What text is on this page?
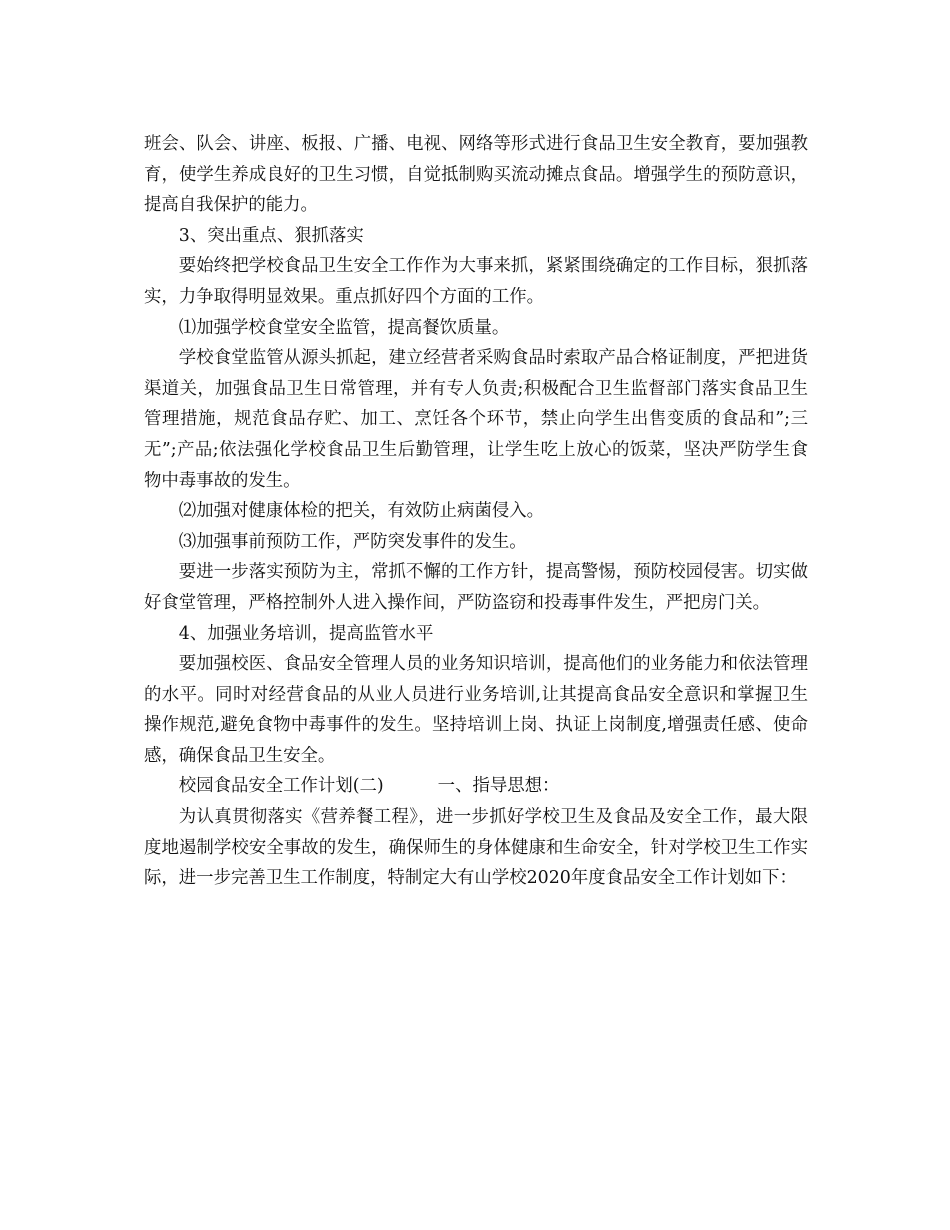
班会、队会、讲座、板报、广播、电视、网络等形式进行食品卫生安全教育，要加强教育，使学生养成良好的卫生习惯，自觉抵制购买流动摊点食品。增强学生的预防意识，提高自我保护的能力。

3、突出重点、狠抓落实

要始终把学校食品卫生安全工作作为大事来抓，紧紧围绕确定的工作目标，狠抓落实，力争取得明显效果。重点抓好四个方面的工作。

⑴加强学校食堂安全监管，提高餐饮质量。

学校食堂监管从源头抓起，建立经营者采购食品时索取产品合格证制度，严把进货渠道关，加强食品卫生日常管理，并有专人负责;积极配合卫生监督部门落实食品卫生管理措施，规范食品存贮、加工、烹饪各个环节，禁止向学生出售变质的食品和”;三无”;产品;依法强化学校食品卫生后勤管理，让学生吃上放心的饭菜，坚决严防学生食物中毒事故的发生。

⑵加强对健康体检的把关，有效防止病菌侵入。

⑶加强事前预防工作，严防突发事件的发生。

要进一步落实预防为主，常抓不懈的工作方针，提高警惕，预防校园侵害。切实做好食堂管理，严格控制外人进入操作间，严防盗窃和投毒事件发生，严把房门关。

4、加强业务培训，提高监管水平

要加强校医、食品安全管理人员的业务知识培训，提高他们的业务能力和依法管理的水平。同时对经营食品的从业人员进行业务培训,让其提高食品安全意识和掌握卫生操作规范,避免食物中毒事件的发生。坚持培训上岗、执证上岗制度,增强责任感、使命感，确保食品卫生安全。

校园食品安全工作计划(二)	一、指导思想：

为认真贯彻落实《营养餐工程》，进一步抓好学校卫生及食品及安全工作，最大限度地遏制学校安全事故的发生，确保师生的身体健康和生命安全，针对学校卫生工作实际，进一步完善卫生工作制度，特制定大有山学校2020年度食品安全工作计划如下：
